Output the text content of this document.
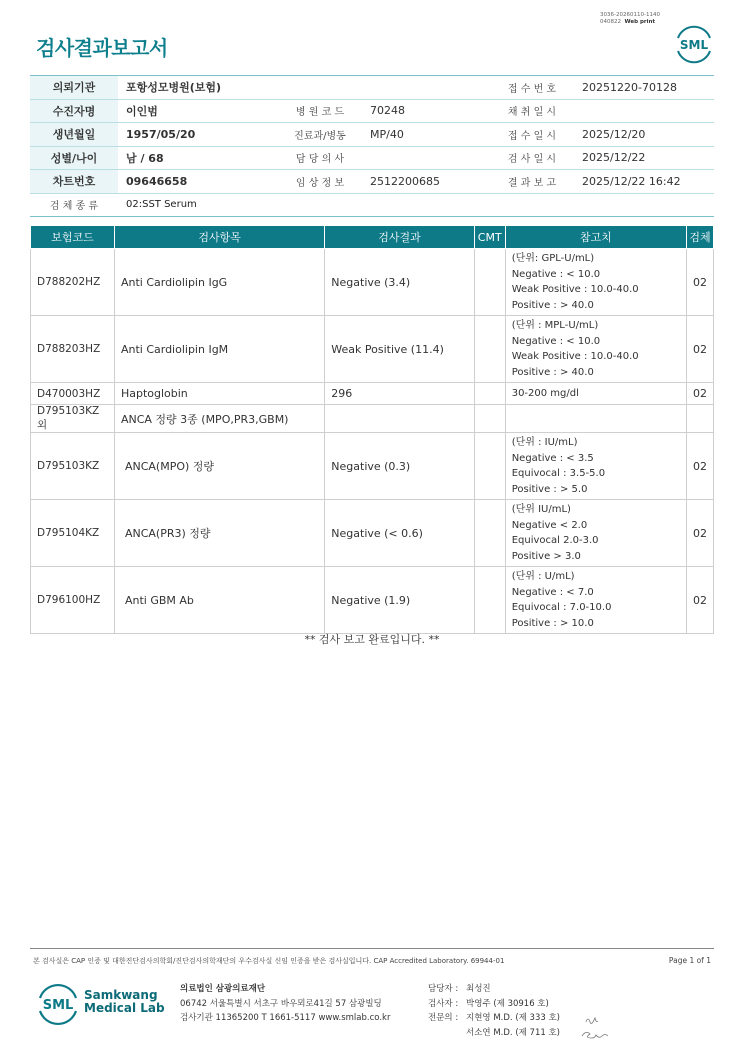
3036-20260110-1140
040822 Web print
검사결과보고서	SML
의뢰기관	포항성모병원(보험)			접 수 번 호	20251220-70128
수진자명	이인범	병 원 코 드	70248	채 취 일 시	
생년월일	1957/05/20	진료과/병동	MP/40	접 수 일 시	2025/12/20
성별/나이	남 / 68	담 당 의 사		검 사 일 시	2025/12/22
차트번호	09646658	임 상 정 보	2512200685	결 과 보 고	2025/12/22 16:42
검 체 종 류	02:SST Serum				
보험코드	검사항목	검사결과	CMT	참고치	검체
D788202HZ	Anti Cardiolipin IgG	Negative (3.4)		(단위: GPL-U/mL)
Negative : < 10.0
Weak Positive : 10.0-40.0
Positive : > 40.0	02
D788203HZ	Anti Cardiolipin IgM	Weak Positive (11.4)		(단위 : MPL-U/mL)
Negative : < 10.0
Weak Positive : 10.0-40.0
Positive : > 40.0	02
D470003HZ	Haptoglobin	296		30-200 mg/dl	02
D795103KZ외	ANCA 정량 3종 (MPO,PR3,GBM)				
D795103KZ	ANCA(MPO) 정량	Negative (0.3)		(단위 : IU/mL)
Negative : < 3.5
Equivocal : 3.5-5.0
Positive : > 5.0	02
D795104KZ	ANCA(PR3) 정량	Negative (< 0.6)		(단위 IU/mL)
Negative < 2.0
Equivocal 2.0-3.0
Positive > 3.0	02
D796100HZ	Anti GBM Ab	Negative (1.9)		(단위 : U/mL)
Negative : < 7.0
Equivocal : 7.0-10.0
Positive : > 10.0	02
** 검사 보고 완료입니다. **
본 검사실은 CAP 인증 및 대한진단검사의학회/진단검사의학재단의 우수검사실 신임 인증을 받은 검사실입니다. CAP Accredited Laboratory. 69944-01	Page 1 of 1
SML
Samkwang
Medical Lab
의료법인 삼광의료재단
06742 서울특별시 서초구 바우뫼로41길 57 삼광빌딩
검사기관 11365200 T 1661-5117 www.smlab.co.kr
담당자 : 최성진
검사자 : 박영주 (제 30916 호)
전문의 : 지현영 M.D. (제 333 호)
서소연 M.D. (제 711 호)
